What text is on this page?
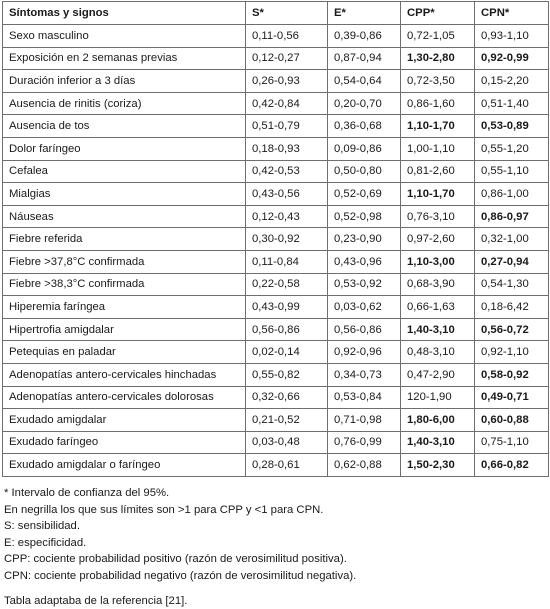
Síntomas y signos	S*	E*	CPP*	CPN*
Sexo masculino	0,11-0,56	0,39-0,86	0,72-1,05	0,93-1,10
Exposición en 2 semanas previas	0,12-0,27	0,87-0,94	1,30-2,80	0,92-0,99
Duración inferior a 3 días	0,26-0,93	0,54-0,64	0,72-3,50	0,15-2,20
Ausencia de rinitis (coriza)	0,42-0,84	0,20-0,70	0,86-1,60	0,51-1,40
Ausencia de tos	0,51-0,79	0,36-0,68	1,10-1,70	0,53-0,89
Dolor faríngeo	0,18-0,93	0,09-0,86	1,00-1,10	0,55-1,20
Cefalea	0,42-0,53	0,50-0,80	0,81-2,60	0,55-1,10
Mialgias	0,43-0,56	0,52-0,69	1,10-1,70	0,86-1,00
Náuseas	0,12-0,43	0,52-0,98	0,76-3,10	0,86-0,97
Fiebre referida	0,30-0,92	0,23-0,90	0,97-2,60	0,32-1,00
Fiebre >37,8°C confirmada	0,11-0,84	0,43-0,96	1,10-3,00	0,27-0,94
Fiebre >38,3°C confirmada	0,22-0,58	0,53-0,92	0,68-3,90	0,54-1,30
Hiperemia faríngea	0,43-0,99	0,03-0,62	0,66-1,63	0,18-6,42
Hipertrofia amigdalar	0,56-0,86	0,56-0,86	1,40-3,10	0,56-0,72
Petequias en paladar	0,02-0,14	0,92-0,96	0,48-3,10	0,92-1,10
Adenopatías antero-cervicales hinchadas	0,55-0,82	0,34-0,73	0,47-2,90	0,58-0,92
Adenopatías antero-cervicales dolorosas	0,32-0,66	0,53-0,84	120-1,90	0,49-0,71
Exudado amigdalar	0,21-0,52	0,71-0,98	1,80-6,00	0,60-0,88
Exudado faríngeo	0,03-0,48	0,76-0,99	1,40-3,10	0,75-1,10
Exudado amigdalar o faríngeo	0,28-0,61	0,62-0,88	1,50-2,30	0,66-0,82
* Intervalo de confianza del 95%.
En negrilla los que sus límites son >1 para CPP y <1 para CPN.
S: sensibilidad.
E: especificidad.
CPP: cociente probabilidad positivo (razón de verosimilitud positiva).
CPN: cociente probabilidad negativo (razón de verosimilitud negativa).
Tabla adaptaba de la referencia [21].
